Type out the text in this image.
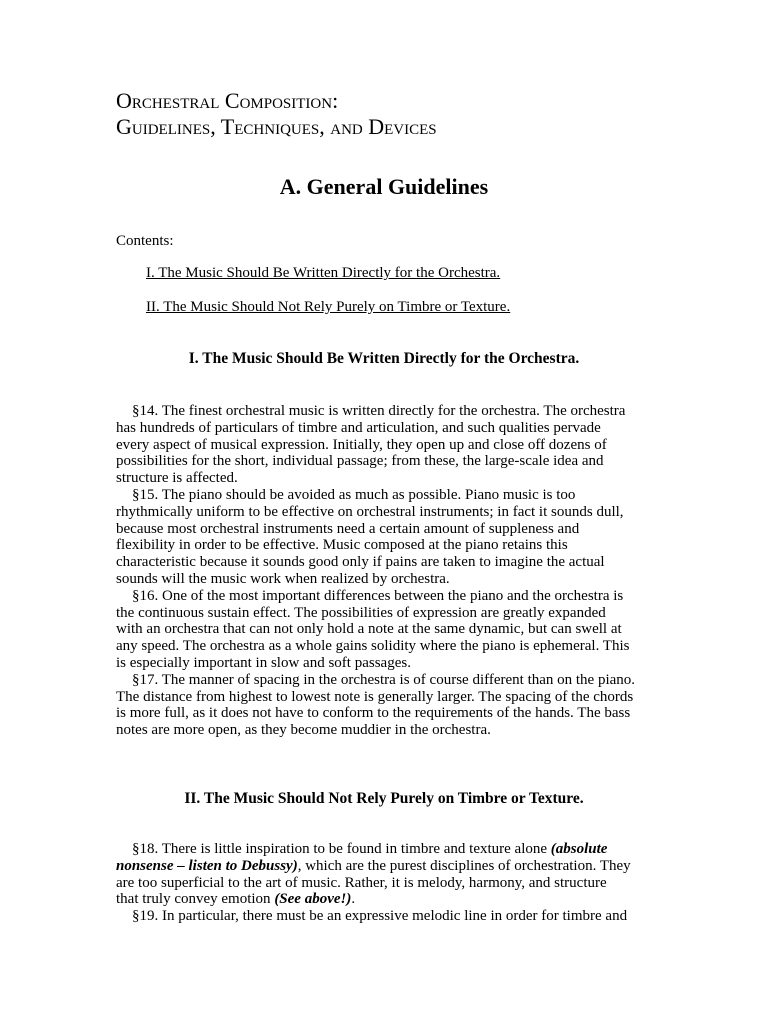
Orchestral Composition:
Guidelines, Techniques, and Devices
A. General Guidelines
Contents:
I. The Music Should Be Written Directly for the Orchestra.
II. The Music Should Not Rely Purely on Timbre or Texture.
I. The Music Should Be Written Directly for the Orchestra.

§14. The finest orchestral music is written directly for the orchestra. The orchestra
has hundreds of particulars of timbre and articulation, and such qualities pervade
every aspect of musical expression. Initially, they open up and close off dozens of
possibilities for the short, individual passage; from these, the large-scale idea and
structure is affected.

§15. The piano should be avoided as much as possible. Piano music is too
rhythmically uniform to be effective on orchestral instruments; in fact it sounds dull,
because most orchestral instruments need a certain amount of suppleness and
flexibility in order to be effective. Music composed at the piano retains this
characteristic because it sounds good only if pains are taken to imagine the actual
sounds will the music work when realized by orchestra.

§16. One of the most important differences between the piano and the orchestra is
the continuous sustain effect. The possibilities of expression are greatly expanded
with an orchestra that can not only hold a note at the same dynamic, but can swell at
any speed. The orchestra as a whole gains solidity where the piano is ephemeral. This
is especially important in slow and soft passages.

§17. The manner of spacing in the orchestra is of course different than on the piano.
The distance from highest to lowest note is generally larger. The spacing of the chords
is more full, as it does not have to conform to the requirements of the hands. The bass
notes are more open, as they become muddier in the orchestra.

II. The Music Should Not Rely Purely on Timbre or Texture.

§18. There is little inspiration to be found in timbre and texture alone (absolute
nonsense – listen to Debussy), which are the purest disciplines of orchestration. They
are too superficial to the art of music. Rather, it is melody, harmony, and structure
that truly convey emotion (See above!).

§19. In particular, there must be an expressive melodic line in order for timbre and
